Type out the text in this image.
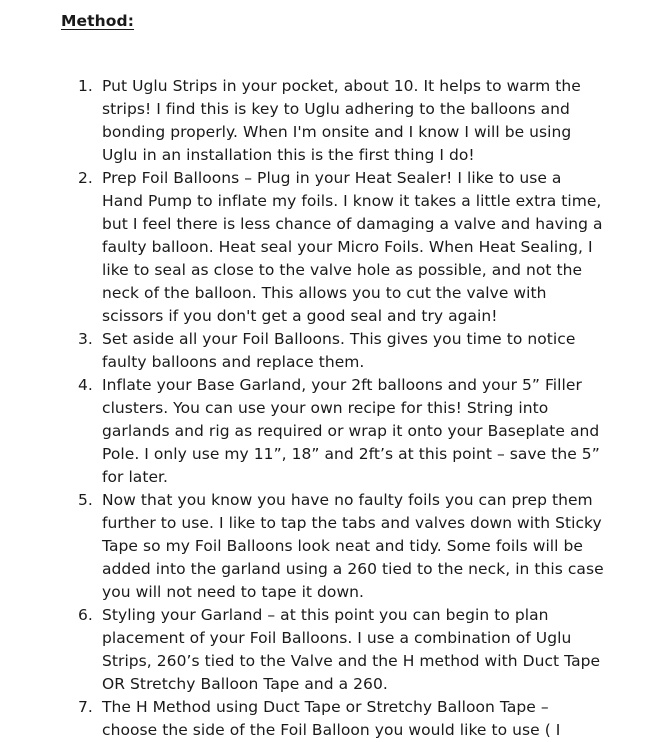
Method:
1. Put Uglu Strips in your pocket, about 10. It helps to warm the strips! I find this is key to Uglu adhering to the balloons and bonding properly. When I'm onsite and I know I will be using Uglu in an installation this is the first thing I do!
2. Prep Foil Balloons – Plug in your Heat Sealer! I like to use a Hand Pump to inflate my foils. I know it takes a little extra time, but I feel there is less chance of damaging a valve and having a faulty balloon. Heat seal your Micro Foils. When Heat Sealing, I like to seal as close to the valve hole as possible, and not the neck of the balloon. This allows you to cut the valve with scissors if you don't get a good seal and try again!
3. Set aside all your Foil Balloons. This gives you time to notice faulty balloons and replace them.
4. Inflate your Base Garland, your 2ft balloons and your 5” Filler clusters. You can use your own recipe for this! String into garlands and rig as required or wrap it onto your Baseplate and Pole. I only use my 11”, 18” and 2ft’s at this point – save the 5” for later.
5. Now that you know you have no faulty foils you can prep them further to use. I like to tap the tabs and valves down with Sticky Tape so my Foil Balloons look neat and tidy. Some foils will be added into the garland using a 260 tied to the neck, in this case you will not need to tape it down.
6. Styling your Garland – at this point you can begin to plan placement of your Foil Balloons. I use a combination of Uglu Strips, 260’s tied to the Valve and the H method with Duct Tape OR Stretchy Balloon Tape and a 260.
7. The H Method using Duct Tape or Stretchy Balloon Tape – choose the side of the Foil Balloon you would like to use ( I
